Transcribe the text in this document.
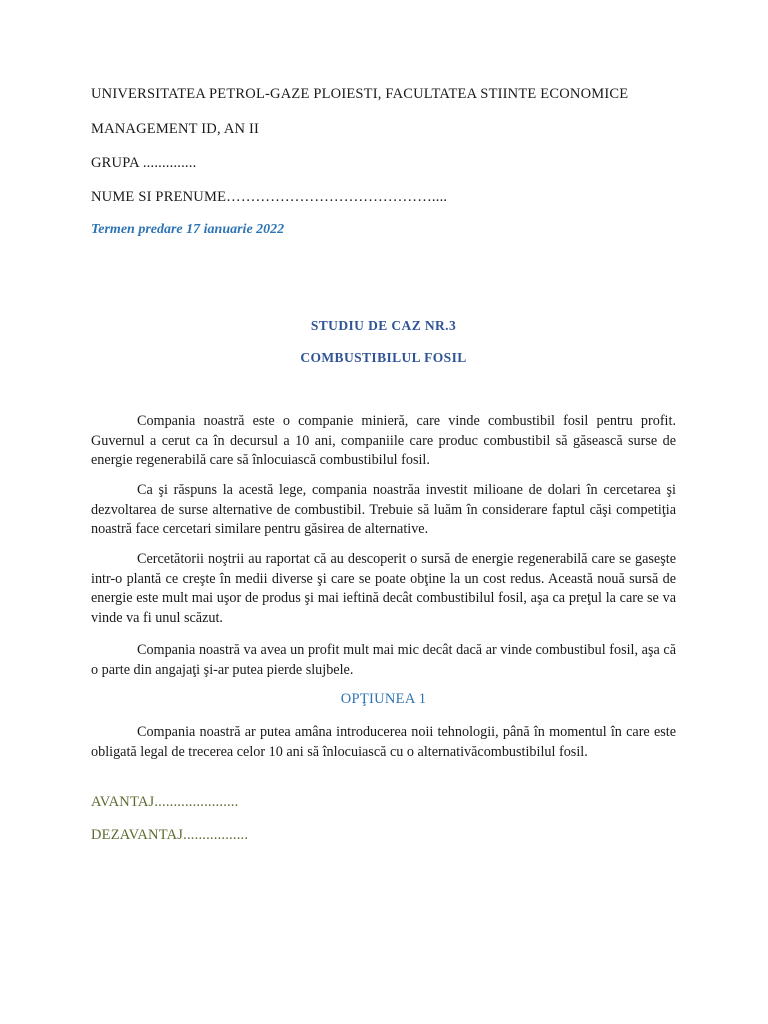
UNIVERSITATEA PETROL-GAZE PLOIESTI, FACULTATEA STIINTE ECONOMICE
MANAGEMENT ID, AN II
GRUPA ..............
NUME SI PRENUME……………………………………....
Termen predare 17 ianuarie 2022
STUDIU DE CAZ NR.3
COMBUSTIBILUL FOSIL

Compania noastră este o companie minieră, care vinde combustibil fosil pentru profit. Guvernul a cerut ca în decursul a 10 ani, companiile care produc combustibil să găsească surse de energie regenerabilă care să înlocuiască combustibilul fosil.

Ca şi răspuns la acestă lege, compania noastrăa investit milioane de dolari în cercetarea şi dezvoltarea de surse alternative de combustibil. Trebuie să luăm în considerare faptul căşi competiţia noastră face cercetari similare pentru găsirea de alternative.

Cercetătorii noştrii au raportat că au descoperit o sursă de energie regenerabilă care se gaseşte intr-o plantă ce creşte în medii diverse şi care se poate obţine la un cost redus. Această nouă sursă de energie este mult mai uşor de produs şi mai ieftină decât combustibilul fosil, aşa ca preţul la care se va vinde va fi unul scăzut.

Compania noastră va avea un profit mult mai mic decât dacă ar vinde combustibul fosil, aşa că o parte din angajaţi şi-ar putea pierde slujbele.

OPŢIUNEA 1

Compania noastră ar putea amâna introducerea noii tehnologii, până în momentul în care este obligată legal de trecerea celor 10 ani să înlocuiască cu o alternativăcombustibilul fosil.

AVANTAJ......................
DEZAVANTAJ.................
